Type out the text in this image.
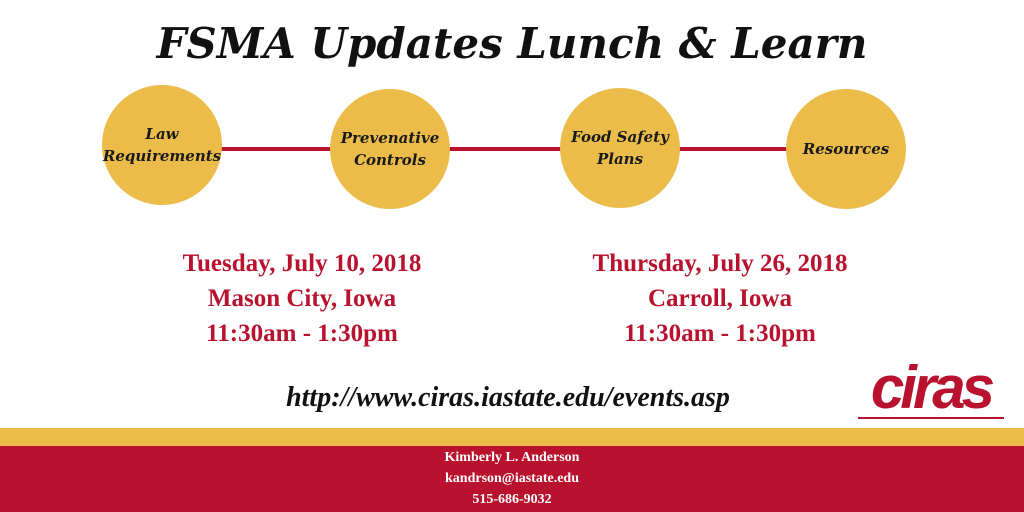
FSMA Updates Lunch & Learn
Law
Requirements
Prevenative
Controls
Food Safety
Plans
Resources
Tuesday, July 10, 2018
Mason City, Iowa
11:30am - 1:30pm
Thursday, July 26, 2018
Carroll, Iowa
11:30am - 1:30pm
http://www.ciras.iastate.edu/events.asp	ciras
Kimberly L. Anderson
kandrson@iastate.edu
515-686-9032
